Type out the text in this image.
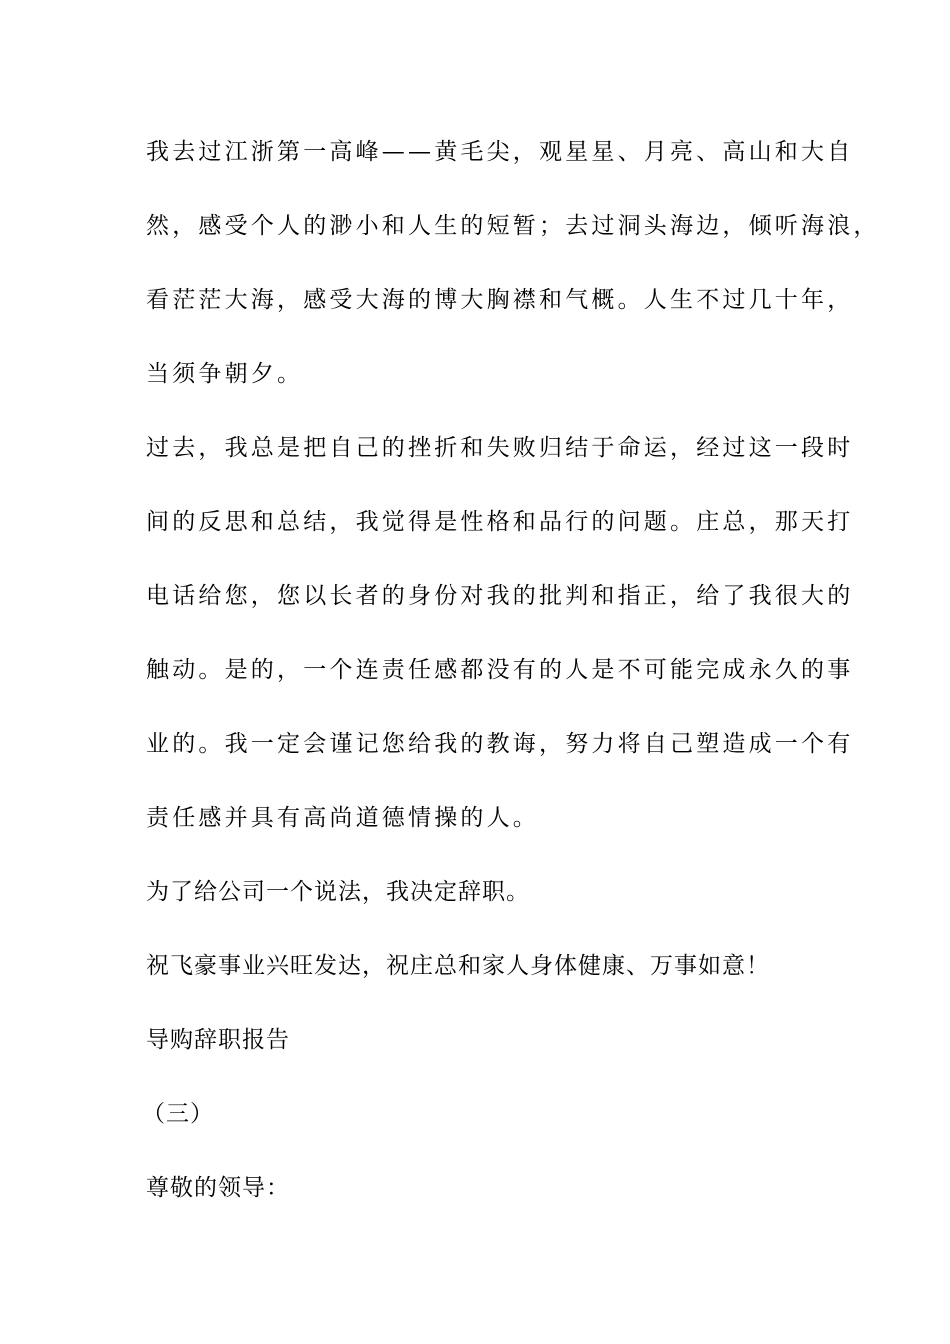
我去过江浙第一高峰——黄毛尖，观星星、月亮、高山和大自
然，感受个人的渺小和人生的短暂；去过洞头海边，倾听海浪，
看茫茫大海，感受大海的博大胸襟和气概。人生不过几十年，
当须争朝夕。
过去，我总是把自己的挫折和失败归结于命运，经过这一段时
间的反思和总结，我觉得是性格和品行的问题。庄总，那天打
电话给您，您以长者的身份对我的批判和指正，给了我很大的
触动。是的，一个连责任感都没有的人是不可能完成永久的事
业的。我一定会谨记您给我的教诲，努力将自己塑造成一个有
责任感并具有高尚道德情操的人。
为了给公司一个说法，我决定辞职。
祝飞豪事业兴旺发达，祝庄总和家人身体健康、万事如意！
导购辞职报告
（三）
尊敬的领导：
